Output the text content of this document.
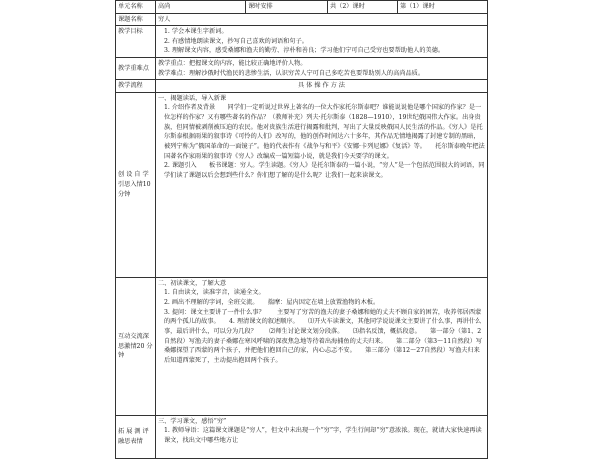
单元名称	高尚	课时安排	共（2）课时	第（1）课时
课题名称	穷人			
教学目标	1. 学会本课生字新词。
2. 有感情地朗读课文，抄写自己喜欢的词语和句子。
3. 理解课文内容，感受桑娜和渔夫的勤劳、淳朴和善良；学习他们宁可自己受穷也要帮助他人的美德。			

教学重难点	教学重点：把握课文的内容，能比较正确地评价人物。
教学难点：理解沙俄时代渔民的悲惨生活，认识穷苦人宁可自己多吃苦也要帮助别人的高尚品质。			

教学流程	具 体 操 作 方 法			
创 设 自 学引思入情10 分钟	一、揭题读话，导入新课
1. 介绍作者及背景　　同学们一定听说过世界上著名的一位大作家托尔斯泰吧？谁能说说他是哪个国家的作家？是一位怎样的作家？又有哪些著名的作品？（教师补充）列夫·托尔斯泰（1828—1910），19世纪俄国伟大作家。出身贵族，但同情被剥削被压迫的农民。他对贵族生活进行揭露和批判，写出了大量反映俄国人民生活的作品。《穷人》是托尔斯泰根据雨果的叙事诗《可怜的人们》改写的，他的创作时间达六十多年，其作品无情地揭露了封建专制的黑暗，被列宁称为“俄国革命的一面镜子”。他的代表作有《战争与和平》《安娜·卡列尼娜》《复活》等。　　托尔斯泰晚年把法国著名作家雨果的叙事诗《穷人》改编成一篇短篇小说，就是我们今天要学的课文。
2. 课题引入　　板书课题：穷人。学生读题。《穷人》是托尔斯泰的一篇小说，“穷人”是一个包括范围很大的词语，同学们读了课题以后会想到些什么？你们想了解的是什么呢？让我们一起来读课文。			

互动交流深思激情20 分钟	二、初读课文，了解大意
1. 自由读文，读准字音，读通全文。
2. 画出不理解的字词，全班交流。　　揣摩：屋内因定在墙上放置渔物的木板。
3. 提问：课文主要讲了一件什么事？　　主要写了穷苦的渔夫的妻子桑娜和她的丈夫不顾自家的困苦，收养邻居西蒙的两个孤儿的故事。　　4. 理清课文的叙述顺序。　　⑴开火车读课文，其他同学说说课文主要讲了什么事，再讲什么事，最后讲什么，可以分为几段？　　⑵师生讨论课文划分段落。　　⑶指名反馈，概括段意。　　第一部分（第1、2自然段）写渔夫的妻子桑娜在寒风呼啸的深夜焦急地等待着出海捕鱼的丈夫归来。　　第二部分（第3～11自然段）写桑娜探望了西蒙的两个孩子，并把他们抱回自己的家，内心忐忑不安。　　第三部分（第12～27自然段）写渔夫归来后知道西蒙死了，主动提出抱回两个孩子。			

拓 展 测 评融思表情	三、学习课文，感悟“穷”
1. 教师导语：这篇课文课题是“穷人”，但文中未出现一个“穷”字，学生行间却“穷”意浓浓。现在，就请大家快速再读课文，找出文中哪些地方让			
